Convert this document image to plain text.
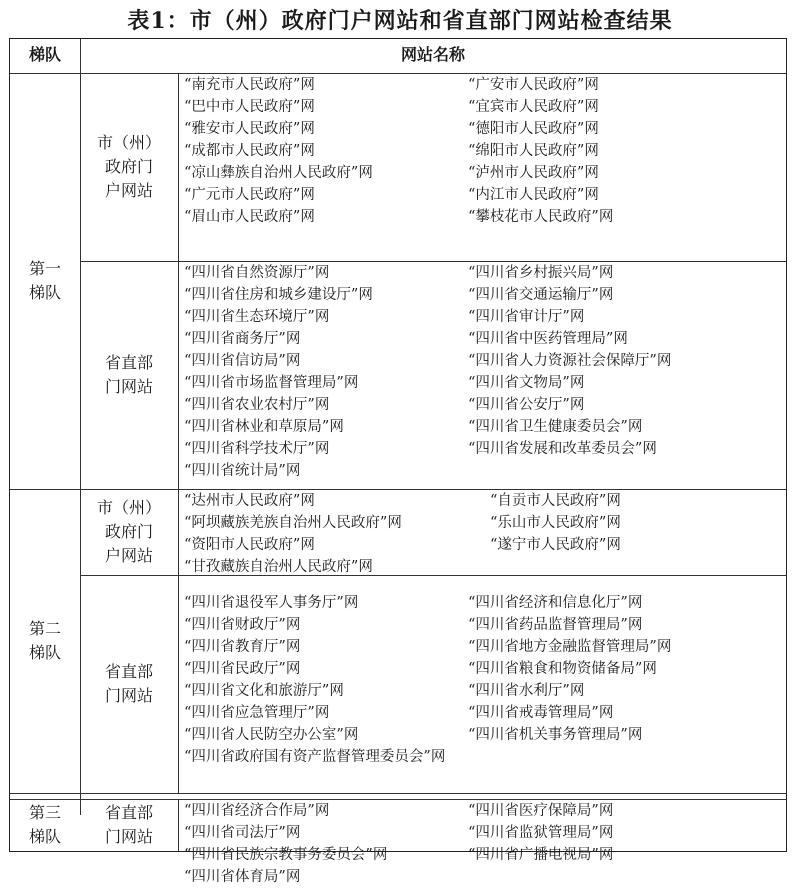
表1：市（州）政府门户网站和省直部门网站检查结果
梯队	网站名称
第一
梯队
市（州）
政府门
户网站
“南充市人民政府”网
“巴中市人民政府”网
“雅安市人民政府”网
“成都市人民政府”网
“凉山彝族自治州人民政府”网
“广元市人民政府”网
“眉山市人民政府”网
“广安市人民政府”网
“宜宾市人民政府”网
“德阳市人民政府”网
“绵阳市人民政府”网
“泸州市人民政府”网
“内江市人民政府”网
“攀枝花市人民政府”网
省直部
门网站
“四川省自然资源厅”网
“四川省住房和城乡建设厅”网
“四川省生态环境厅”网
“四川省商务厅”网
“四川省信访局”网
“四川省市场监督管理局”网
“四川省农业农村厅”网
“四川省林业和草原局”网
“四川省科学技术厅”网
“四川省统计局”网
“四川省乡村振兴局”网
“四川省交通运输厅”网
“四川省审计厅”网
“四川省中医药管理局”网
“四川省人力资源社会保障厅”网
“四川省文物局”网
“四川省公安厅”网
“四川省卫生健康委员会”网
“四川省发展和改革委员会”网
第二
梯队
市（州）
政府门
户网站
“达州市人民政府”网
“阿坝藏族羌族自治州人民政府”网
“资阳市人民政府”网
“甘孜藏族自治州人民政府”网
“自贡市人民政府”网
“乐山市人民政府”网
“遂宁市人民政府”网
省直部
门网站
“四川省退役军人事务厅”网
“四川省财政厅”网
“四川省教育厅”网
“四川省民政厅”网
“四川省文化和旅游厅”网
“四川省应急管理厅”网
“四川省人民防空办公室”网
“四川省政府国有资产监督管理委员会”网
“四川省经济和信息化厅”网
“四川省药品监督管理局”网
“四川省地方金融监督管理局”网
“四川省粮食和物资储备局”网
“四川省水利厅”网
“四川省戒毒管理局”网
“四川省机关事务管理局”网
第三
梯队
省直部
门网站
“四川省经济合作局”网
“四川省司法厅”网
“四川省民族宗教事务委员会”网
“四川省体育局”网
“四川省医疗保障局”网
“四川省监狱管理局”网
“四川省广播电视局”网
